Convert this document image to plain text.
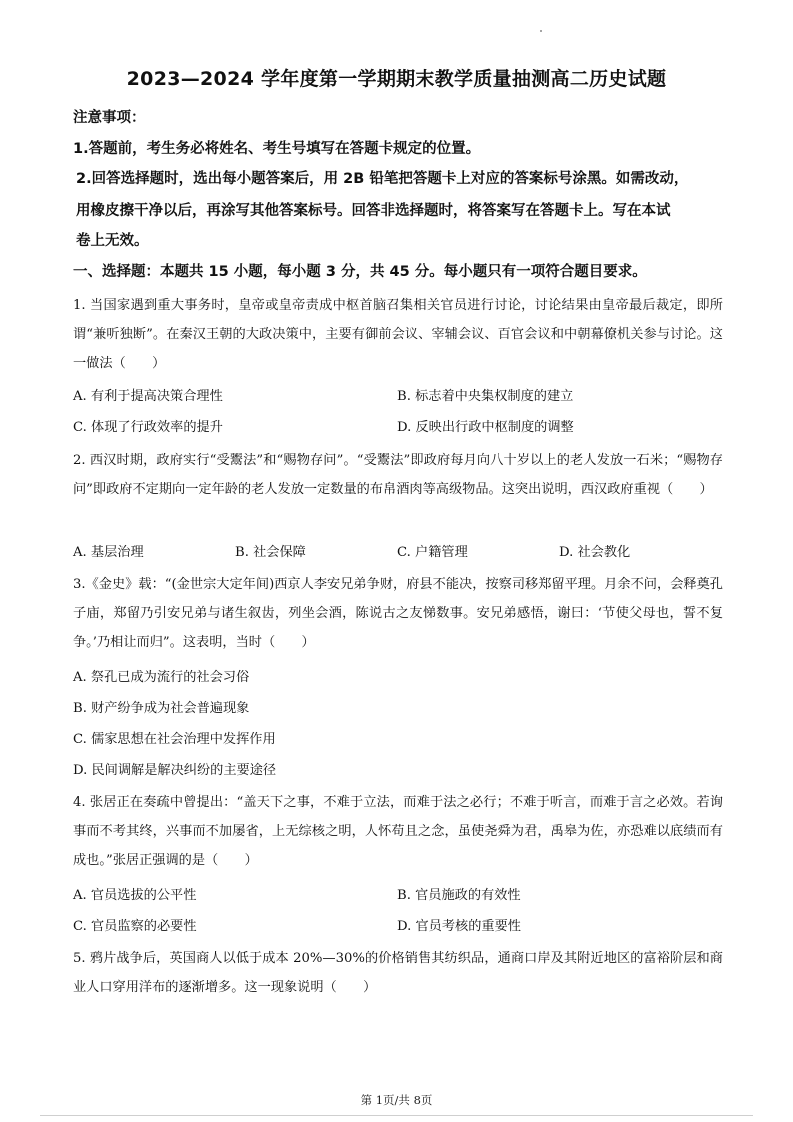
2023—2024 学年度第一学期期末教学质量抽测高二历史试题
注意事项：
1.答题前，考生务必将姓名、考生号填写在答题卡规定的位置。
2.回答选择题时，选出每小题答案后，用 2B 铅笔把答题卡上对应的答案标号涂黑。如需改动，
用橡皮擦干净以后，再涂写其他答案标号。回答非选择题时，将答案写在答题卡上。写在本试
卷上无效。
一、选择题：本题共 15 小题，每小题 3 分，共 45 分。每小题只有一项符合题目要求。
1. 当国家遇到重大事务时，皇帝或皇帝责成中枢首脑召集相关官员进行讨论，讨论结果由皇帝最后裁定，即所谓“兼听独断”。在秦汉王朝的大政决策中，主要有御前会议、宰辅会议、百官会议和中朝幕僚机关参与讨论。这一做法（　　）
A. 有利于提高决策合理性	B. 标志着中央集权制度的建立
C. 体现了行政效率的提升	D. 反映出行政中枢制度的调整
2. 西汉时期，政府实行“受鬻法”和“赐物存问”。“受鬻法”即政府每月向八十岁以上的老人发放一石米；“赐物存问”即政府不定期向一定年龄的老人发放一定数量的布帛酒肉等高级物品。这突出说明，西汉政府重视（　　）
A. 基层治理	B. 社会保障	C. 户籍管理	D. 社会教化
3.《金史》载：“(金世宗大定年间)西京人李安兄弟争财，府县不能决，按察司移郑留平理。月余不问，会释奠孔子庙，郑留乃引安兄弟与诸生叙齿，列坐会酒，陈说古之友悌数事。安兄弟感悟，谢曰：‘节使父母也，誓不复争。’乃相让而归”。这表明，当时（　　）
A. 祭孔已成为流行的社会习俗
B. 财产纷争成为社会普遍现象
C. 儒家思想在社会治理中发挥作用
D. 民间调解是解决纠纷的主要途径
4. 张居正在奏疏中曾提出：“盖天下之事，不难于立法，而难于法之必行；不难于听言，而难于言之必效。若询事而不考其终，兴事而不加屡省，上无综核之明，人怀苟且之念，虽使尧舜为君，禹皋为佐，亦恐难以底绩而有成也。”张居正强调的是（　　）
A. 官员选拔的公平性	B. 官员施政的有效性
C. 官员监察的必要性	D. 官员考核的重要性
5. 鸦片战争后，英国商人以低于成本 20%—30%的价格销售其纺织品，通商口岸及其附近地区的富裕阶层和商业人口穿用洋布的逐渐增多。这一现象说明（　　）
第 1页/共 8页
